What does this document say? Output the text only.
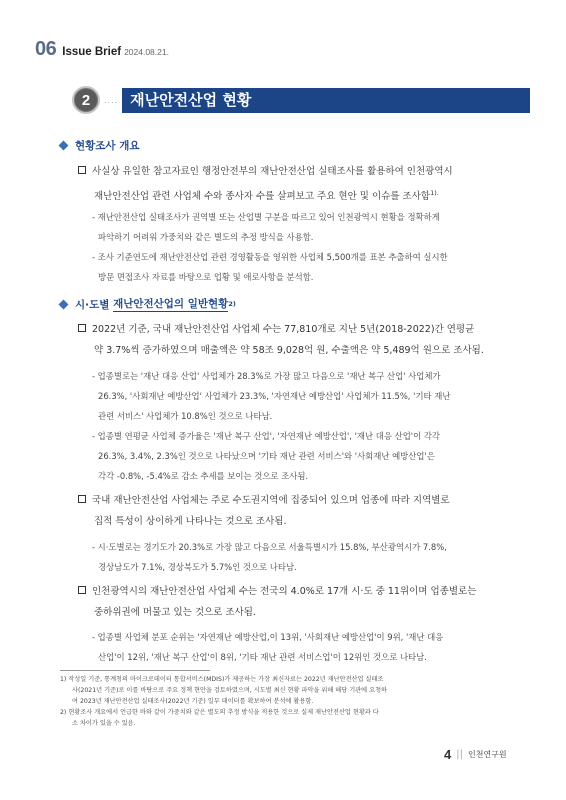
06 Issue Brief 2024.08.21.
2	.... 재난안전산업 현황
현황조사 개요
사실상 유일한 참고자료인 행정안전부의 재난안전산업 실태조사를 활용하여 인천광역시
재난안전산업 관련 사업체 수와 종사자 수를 살펴보고 주요 현안 및 이슈를 조사함$^{1).}$
- 재난안전산업 실태조사가 권역별 또는 산업별 구분을 따르고 있어 인천광역시 현황을 정확하게
파악하기 어려워 가중치와 같은 별도의 추정 방식을 사용함.
- 조사 기준연도에 재난안전산업 관련 경영활동을 영위한 사업체 5,500개를 표본 추출하여 실시한
방문 면접조사 자료를 바탕으로 업황 및 애로사항을 분석함.
시·도별
재난안전산업의 일반현황 2)
2022년 기준, 국내 재난안전산업 사업체 수는 77,810개로 지난 5년(2018-2022)간 연평균
약 3.7%씩 증가하였으며 매출액은 약 58조 9,028억 원, 수출액은 약 5,489억 원으로 조사됨.
- 업종별로는 '재난 대응 산업' 사업체가 28.3%로 가장 많고 다음으로 '재난 복구 산업' 사업체가
26.3%, '사회재난 예방산업' 사업체가 23.3%, '자연재난 예방산업' 사업체가 11.5%, '기타 재난
관련 서비스' 사업체가 10.8%인 것으로 나타남.
- 업종별 연평균 사업체 증가율은 '재난 복구 산업', '자연재난 예방산업', '재난 대응 산업'이 각각
26.3%, 3.4%, 2.3%인 것으로 나타났으며 '기타 재난 관련 서비스'와 '사회재난 예방산업'은
각각 -0.8%, -5.4%로 감소 추세를 보이는 것으로 조사됨.
국내 재난안전산업 사업체는 주로 수도권지역에 집중되어 있으며 업종에 따라 지역별로
집적 특성이 상이하게 나타나는 것으로 조사됨.
- 시·도별로는 경기도가 20.3%로 가장 많고 다음으로 서울특별시가 15.8%, 부산광역시가 7.8%,
경상남도가 7.1%, 경상북도가 5.7%인 것으로 나타남.
인천광역시의 재난안전산업 사업체 수는 전국의 4.0%로 17개 시·도 중 11위이며 업종별로는
중하위권에 머물고 있는 것으로 조사됨.
- 업종별 사업체 분포 순위는 '자연재난 예방산업,이 13위, '사회재난 예방산업'이 9위, '재난 대응
산업'이 12위, '재난 복구 산업'이 8위, '기타 재난 관련 서비스업'이 12위인 것으로 나타남.
1) 작성일 기준, 통계청의 마이크로데이터 통합서비스(MDIS)가 제공하는 가장 최신자료는 2022년 재난안전산업 실태조
사(2021년 기준)로 이를 바탕으로 주요 정책 현안을 검토하였으며, 시도별 최신 현황 파악을 위해 해당 기관에 요청하
여 2023년 재난안전산업 실태조사(2022년 기준) 일부 데이터를 확보하여 분석에 활용함.
2) 현황조사 개요에서 언급한 바와 같이 가중치와 같은 별도의 추정 방식을 적용한 것으로 실제 재난안전산업 현황과 다
소 차이가 있을 수 있음.
4 || 인천연구원
